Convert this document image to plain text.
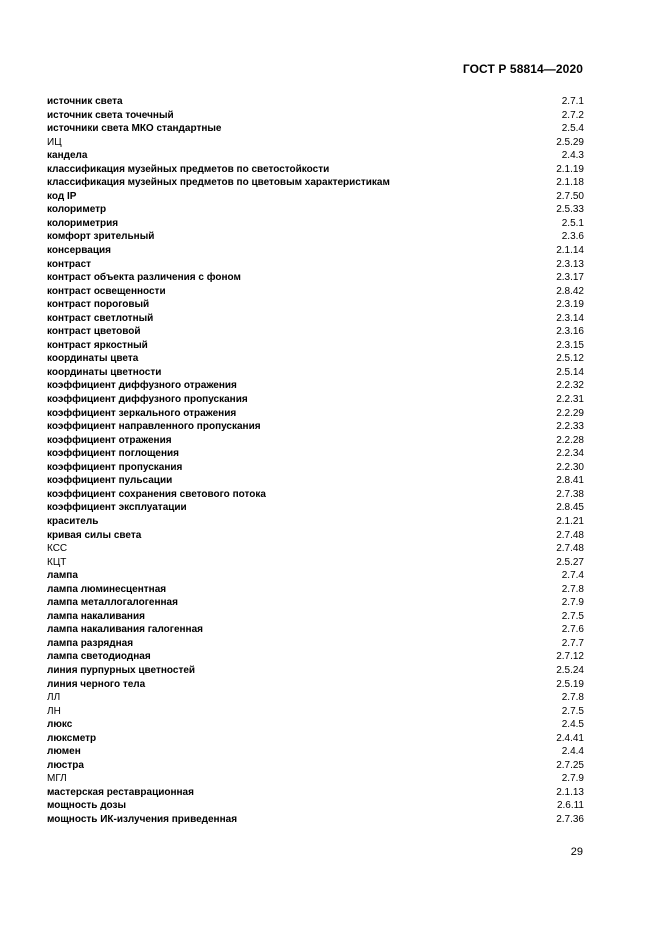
ГОСТ Р 58814—2020
источник света	2.7.1
источник света точечный	2.7.2
источники света МКО стандартные	2.5.4
ИЦ	2.5.29
кандела	2.4.3
классификация музейных предметов по светостойкости	2.1.19
классификация музейных предметов по цветовым характеристикам	2.1.18
код IP	2.7.50
колориметр	2.5.33
колориметрия	2.5.1
комфорт зрительный	2.3.6
консервация	2.1.14
контраст	2.3.13
контраст объекта различения с фоном	2.3.17
контраст освещенности	2.8.42
контраст пороговый	2.3.19
контраст светлотный	2.3.14
контраст цветовой	2.3.16
контраст яркостный	2.3.15
координаты цвета	2.5.12
координаты цветности	2.5.14
коэффициент диффузного отражения	2.2.32
коэффициент диффузного пропускания	2.2.31
коэффициент зеркального отражения	2.2.29
коэффициент направленного пропускания	2.2.33
коэффициент отражения	2.2.28
коэффициент поглощения	2.2.34
коэффициент пропускания	2.2.30
коэффициент пульсации	2.8.41
коэффициент сохранения светового потока	2.7.38
коэффициент эксплуатации	2.8.45
краситель	2.1.21
кривая силы света	2.7.48
КСС	2.7.48
КЦТ	2.5.27
лампа	2.7.4
лампа люминесцентная	2.7.8
лампа металлогалогенная	2.7.9
лампа накаливания	2.7.5
лампа накаливания галогенная	2.7.6
лампа разрядная	2.7.7
лампа светодиодная	2.7.12
линия пурпурных цветностей	2.5.24
линия черного тела	2.5.19
ЛЛ	2.7.8
ЛН	2.7.5
люкс	2.4.5
люксметр	2.4.41
люмен	2.4.4
люстра	2.7.25
МГЛ	2.7.9
мастерская реставрационная	2.1.13
мощность дозы	2.6.11
мощность ИК-излучения приведенная	2.7.36
29
